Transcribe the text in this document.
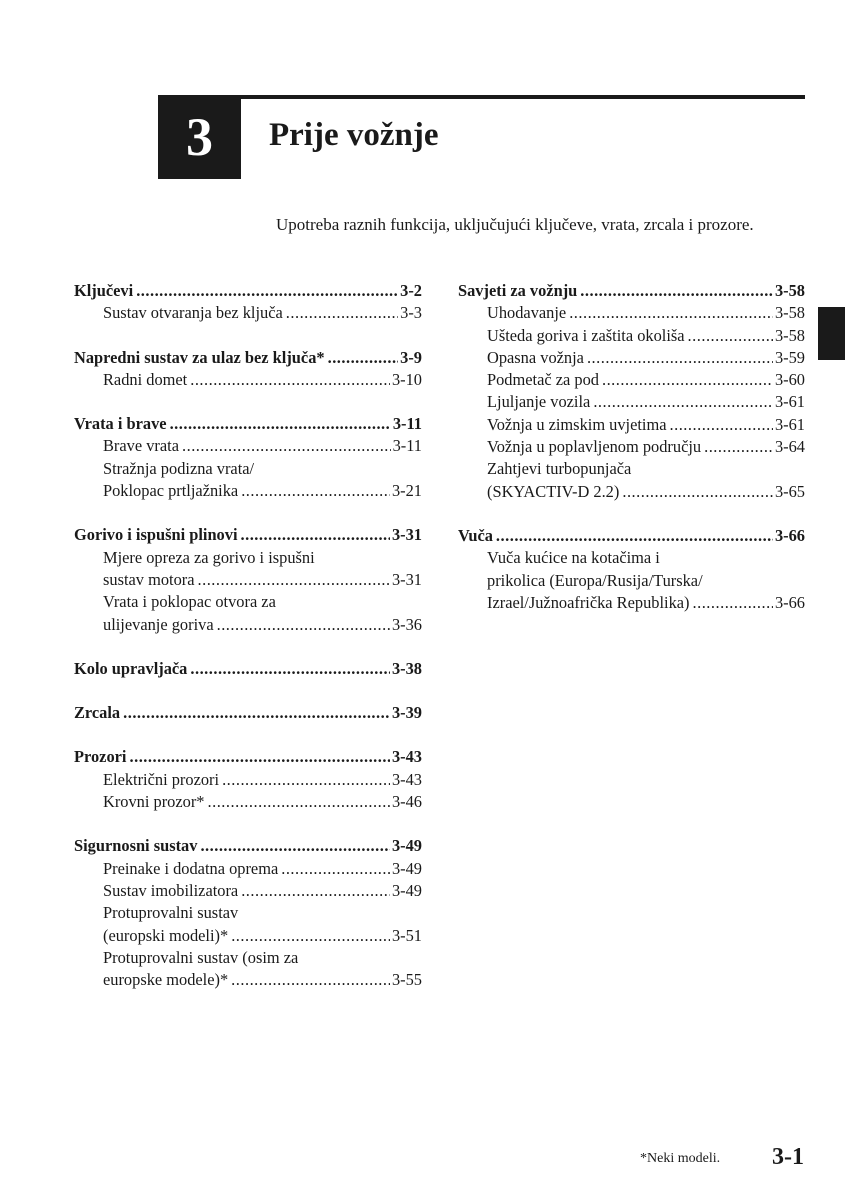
3 Prije vožnje
Upotreba raznih funkcija, uključujući ključeve, vrata, zrcala i prozore.
Ključevi .....	3-2
Sustav otvaranja bez ključa .....	3-3
Napredni sustav za ulaz bez ključa* .....	3-9
Radni domet .....	3-10
Vrata i brave .....	3-11
Brave vrata .....	3-11
Stražnja podizna vrata/
Poklopac prtljažnika .....	3-21
Gorivo i ispušni plinovi .....	3-31
Mjere opreza za gorivo i ispušni
sustav motora .....	3-31
Vrata i poklopac otvora za
ulijevanje goriva .....	3-36
Kolo upravljača .....	3-38
Zrcala .....	3-39
Prozori .....	3-43
Električni prozori .....	3-43
Krovni prozor* .....	3-46
Sigurnosni sustav .....	3-49
Preinake i dodatna oprema .....	3-49
Sustav imobilizatora .....	3-49
Protuprovalni sustav
(europski modeli)* .....	3-51
Protuprovalni sustav (osim za
europske modele)* .....	3-55
Savjeti za vožnju .....	3-58
Uhodavanje .....	3-58
Ušteda goriva i zaštita okoliša .....	3-58
Opasna vožnja .....	3-59
Podmetač za pod .....	3-60
Ljuljanje vozila .....	3-61
Vožnja u zimskim uvjetima .....	3-61
Vožnja u poplavljenom području .....	3-64
Zahtjevi turbopunjača
(SKYACTIV-D 2.2) .....	3-65
Vuča .....	3-66
Vuča kućice na kotačima i
prikolica (Europa/Rusija/Turska/
Izrael/Južnoafrička Republika) .....	3-66
*Neki modeli. 3-1
